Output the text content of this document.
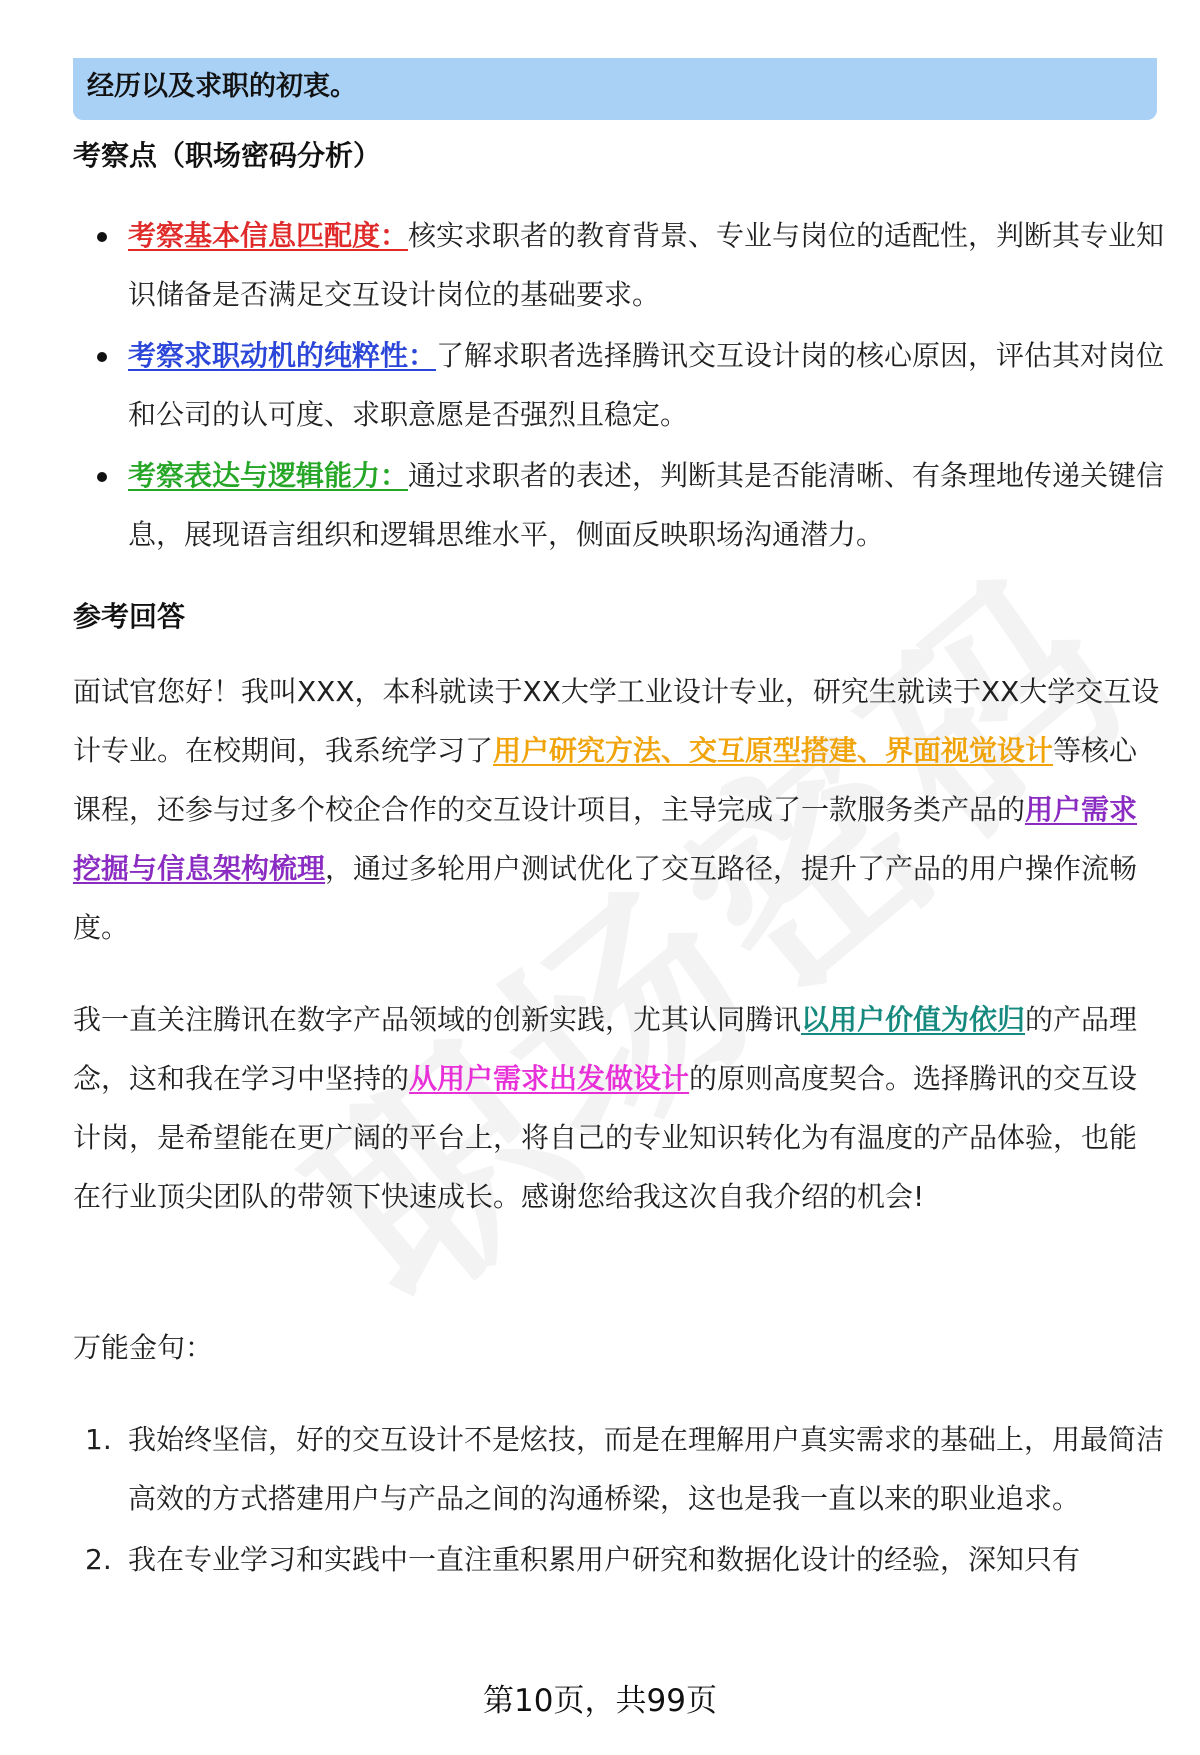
经历以及求职的初衷。
考察点（职场密码分析）
考察基本信息匹配度：核实求职者的教育背景、专业与岗位的适配性，判断其专业知识储备是否满足交互设计岗位的基础要求。
考察求职动机的纯粹性：了解求职者选择腾讯交互设计岗的核心原因，评估其对岗位和公司的认可度、求职意愿是否强烈且稳定。
考察表达与逻辑能力：通过求职者的表述，判断其是否能清晰、有条理地传递关键信息，展现语言组织和逻辑思维水平，侧面反映职场沟通潜力。
参考回答

面试官您好！我叫XXX，本科就读于XX大学工业设计专业，研究生就读于XX大学交互设计专业。在校期间，我系统学习了用户研究方法、交互原型搭建、界面视觉设计等核心课程，还参与过多个校企合作的交互设计项目，主导完成了一款服务类产品的用户需求挖掘与信息架构梳理，通过多轮用户测试优化了交互路径，提升了产品的用户操作流畅度。

我一直关注腾讯在数字产品领域的创新实践，尤其认同腾讯以用户价值为依归的产品理念，这和我在学习中坚持的从用户需求出发做设计的原则高度契合。选择腾讯的交互设计岗，是希望能在更广阔的平台上，将自己的专业知识转化为有温度的产品体验，也能在行业顶尖团队的带领下快速成长。感谢您给我这次自我介绍的机会!

万能金句：

1. 我始终坚信，好的交互设计不是炫技，而是在理解用户真实需求的基础上，用最简洁高效的方式搭建用户与产品之间的沟通桥梁，这也是我一直以来的职业追求。
2. 我在专业学习和实践中一直注重积累用户研究和数据化设计的经验，深知只有
第10页，共99页
